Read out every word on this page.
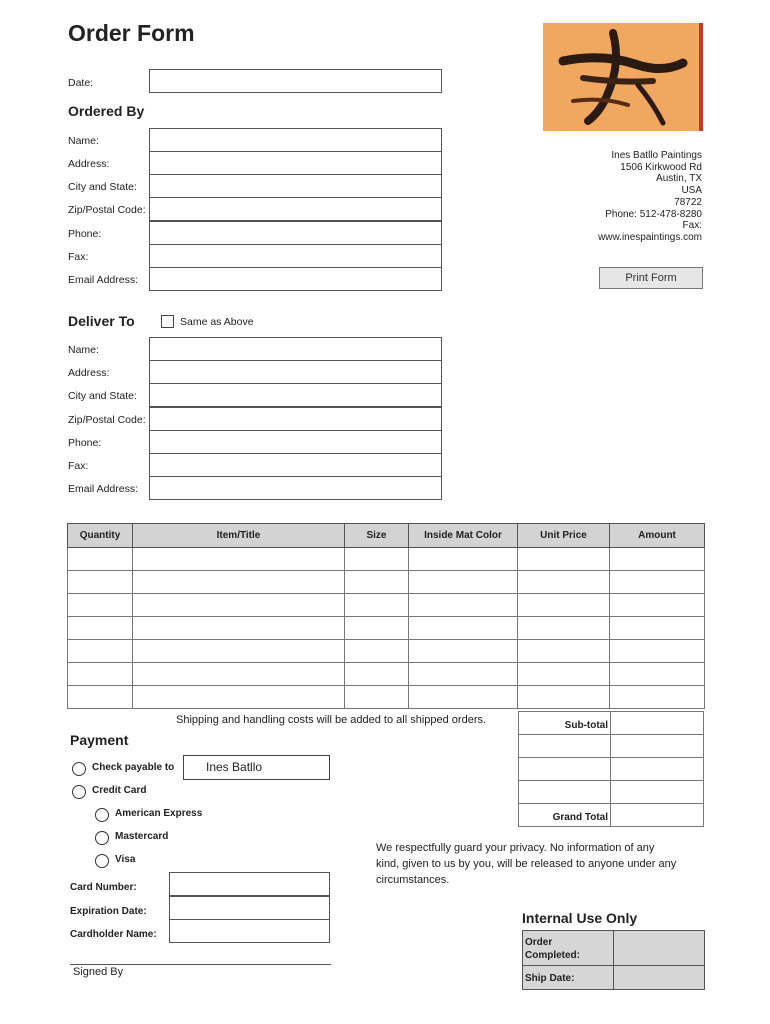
Order Form
Date:
Ordered By
Name:
Address:
City and State:
Zip/Postal Code:
Phone:
Fax:
Email Address:
Ines Batllo Paintings
1506 Kirkwood Rd
Austin, TX
USA
78722
Phone: 512-478-8280
Fax:
www.inespaintings.com
Print Form
Deliver To	Same as Above
Name:
Address:
City and State:
Zip/Postal Code:
Phone:
Fax:
Email Address:
Quantity	Item/Title	Size	Inside Mat Color	Unit Price	Amount

Shipping and handling costs will be added to all shipped orders.	Sub-total
Grand Total
Payment
Check payable to	Ines Batllo
Credit Card
American Express
Mastercard
Visa
Card Number:
Expiration Date:
Cardholder Name:
Signed By
We respectfully guard your privacy. No information of any
kind, given to us by you, will be released to anyone under any
circumstances.
Internal Use Only
Order
Completed:
Ship Date:
